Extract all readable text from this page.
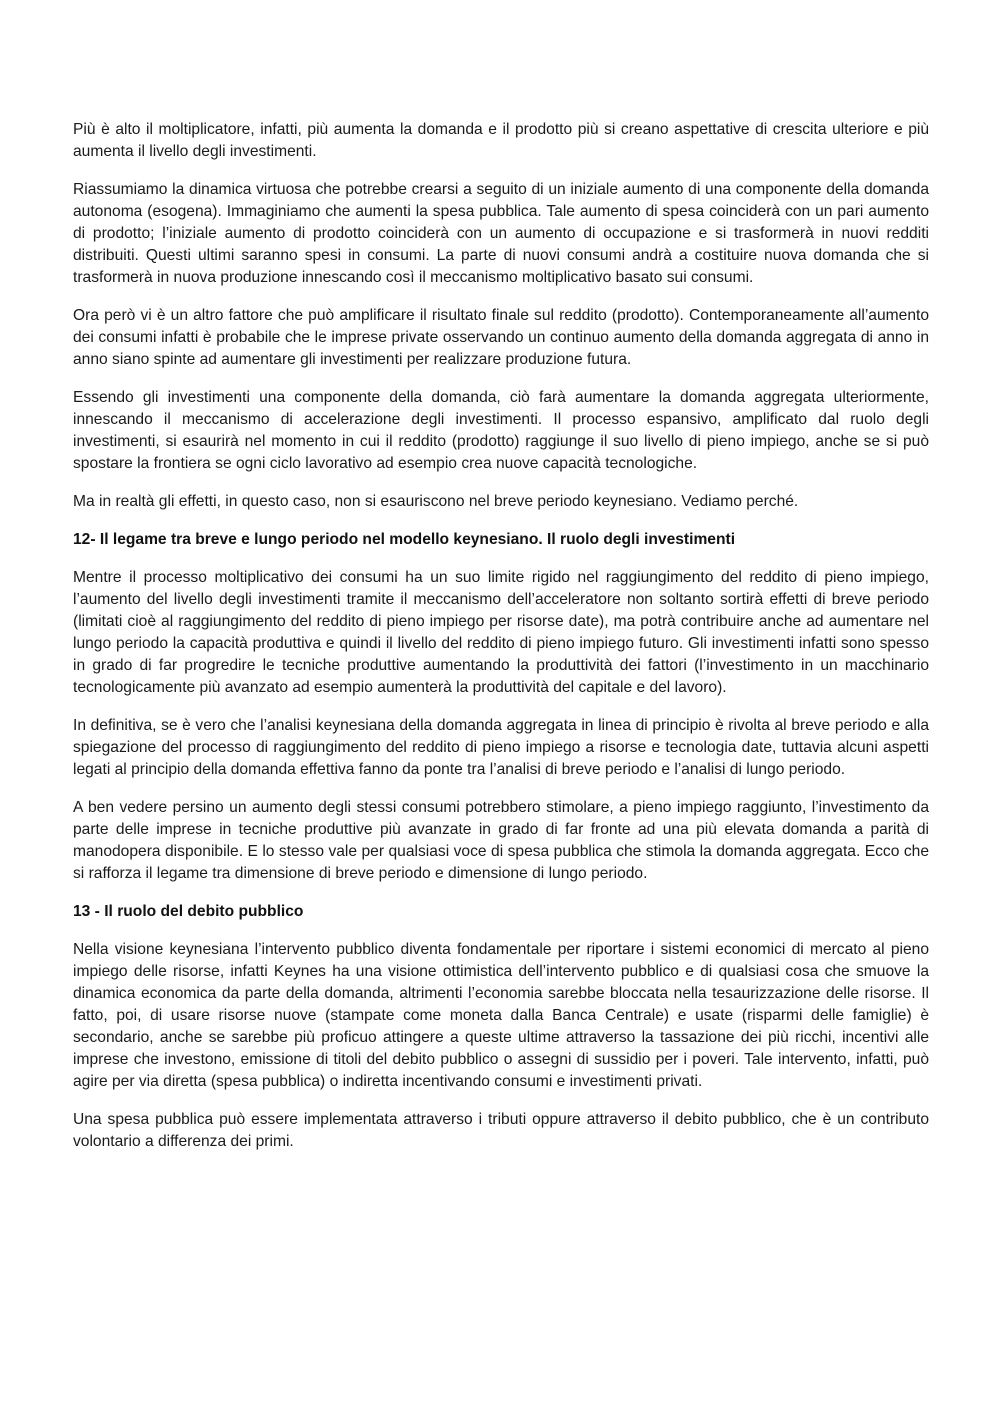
Più è alto il moltiplicatore, infatti, più aumenta la domanda e il prodotto più si creano aspettative di crescita ulteriore e più aumenta il livello degli investimenti.

Riassumiamo la dinamica virtuosa che potrebbe crearsi a seguito di un iniziale aumento di una componente della domanda autonoma (esogena). Immaginiamo che aumenti la spesa pubblica. Tale aumento di spesa coinciderà con un pari aumento di prodotto; l’iniziale aumento di prodotto coinciderà con un aumento di occupazione e si trasformerà in nuovi redditi distribuiti. Questi ultimi saranno spesi in consumi. La parte di nuovi consumi andrà a costituire nuova domanda che si trasformerà in nuova produzione innescando così il meccanismo moltiplicativo basato sui consumi.

Ora però vi è un altro fattore che può amplificare il risultato finale sul reddito (prodotto). Contemporaneamente all’aumento dei consumi infatti è probabile che le imprese private osservando un continuo aumento della domanda aggregata di anno in anno siano spinte ad aumentare gli investimenti per realizzare produzione futura.

Essendo gli investimenti una componente della domanda, ciò farà aumentare la domanda aggregata ulteriormente, innescando il meccanismo di accelerazione degli investimenti. Il processo espansivo, amplificato dal ruolo degli investimenti, si esaurirà nel momento in cui il reddito (prodotto) raggiunge il suo livello di pieno impiego, anche se si può spostare la frontiera se ogni ciclo lavorativo ad esempio crea nuove capacità tecnologiche.

Ma in realtà gli effetti, in questo caso, non si esauriscono nel breve periodo keynesiano. Vediamo perché.

12- Il legame tra breve e lungo periodo nel modello keynesiano. Il ruolo degli investimenti

Mentre il processo moltiplicativo dei consumi ha un suo limite rigido nel raggiungimento del reddito di pieno impiego, l’aumento del livello degli investimenti tramite il meccanismo dell’acceleratore non soltanto sortirà effetti di breve periodo (limitati cioè al raggiungimento del reddito di pieno impiego per risorse date), ma potrà contribuire anche ad aumentare nel lungo periodo la capacità produttiva e quindi il livello del reddito di pieno impiego futuro. Gli investimenti infatti sono spesso in grado di far progredire le tecniche produttive aumentando la produttività dei fattori (l’investimento in un macchinario tecnologicamente più avanzato ad esempio aumenterà la produttività del capitale e del lavoro).

In definitiva, se è vero che l’analisi keynesiana della domanda aggregata in linea di principio è rivolta al breve periodo e alla spiegazione del processo di raggiungimento del reddito di pieno impiego a risorse e tecnologia date, tuttavia alcuni aspetti legati al principio della domanda effettiva fanno da ponte tra l’analisi di breve periodo e l’analisi di lungo periodo.

A ben vedere persino un aumento degli stessi consumi potrebbero stimolare, a pieno impiego raggiunto, l’investimento da parte delle imprese in tecniche produttive più avanzate in grado di far fronte ad una più elevata domanda a parità di manodopera disponibile. E lo stesso vale per qualsiasi voce di spesa pubblica che stimola la domanda aggregata. Ecco che si rafforza il legame tra dimensione di breve periodo e dimensione di lungo periodo.

13 - Il ruolo del debito pubblico

Nella visione keynesiana l’intervento pubblico diventa fondamentale per riportare i sistemi economici di mercato al pieno impiego delle risorse, infatti Keynes ha una visione ottimistica dell’intervento pubblico e di qualsiasi cosa che smuove la dinamica economica da parte della domanda, altrimenti l’economia sarebbe bloccata nella tesaurizzazione delle risorse. Il fatto, poi, di usare risorse nuove (stampate come moneta dalla Banca Centrale) e usate (risparmi delle famiglie) è secondario, anche se sarebbe più proficuo attingere a queste ultime attraverso la tassazione dei più ricchi, incentivi alle imprese che investono, emissione di titoli del debito pubblico o assegni di sussidio per i poveri. Tale intervento, infatti, può agire per via diretta (spesa pubblica) o indiretta incentivando consumi e investimenti privati.

Una spesa pubblica può essere implementata attraverso i tributi oppure attraverso il debito pubblico, che è un contributo volontario a differenza dei primi.
